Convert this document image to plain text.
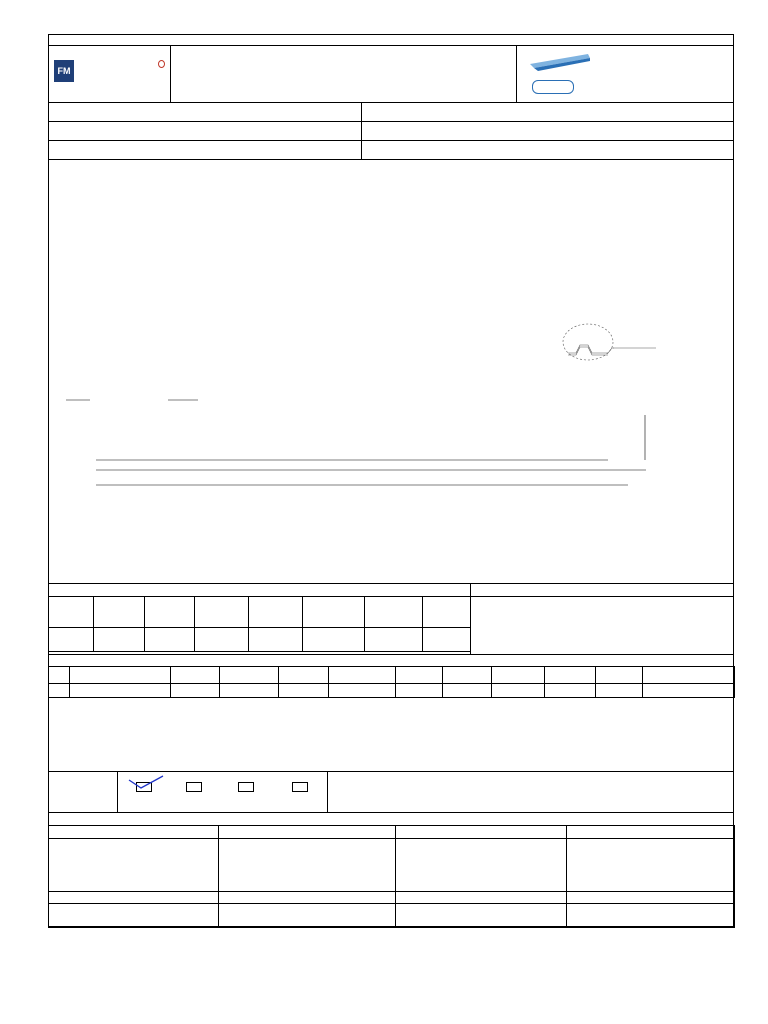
FM
